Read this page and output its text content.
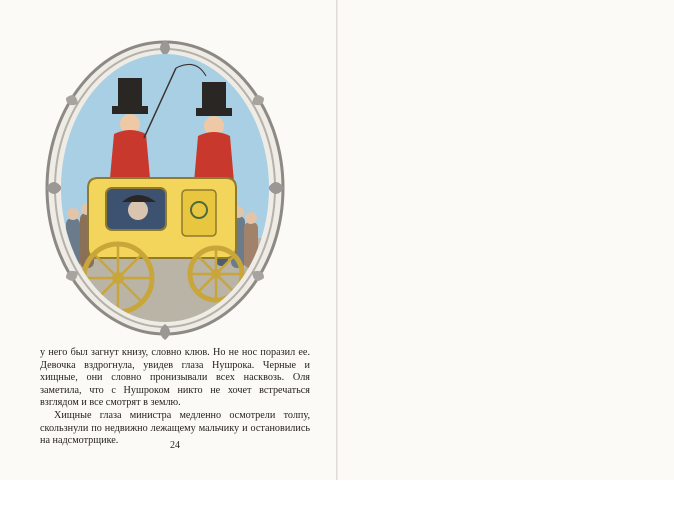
у него был загнут книзу, словно клюв. Но не нос поразил ее. Девочка вздрогнула, увидев глаза Нушрока. Черные и хищные, они словно пронизывали всех насквозь. Оля заметила, что с Нушроком никто не хочет встречаться взглядом и все смотрят в землю.

Хищные глаза министра медленно осмотрели толпу, скользнули по недвижно лежащему мальчику и остановились на надсмотрщике.	24
